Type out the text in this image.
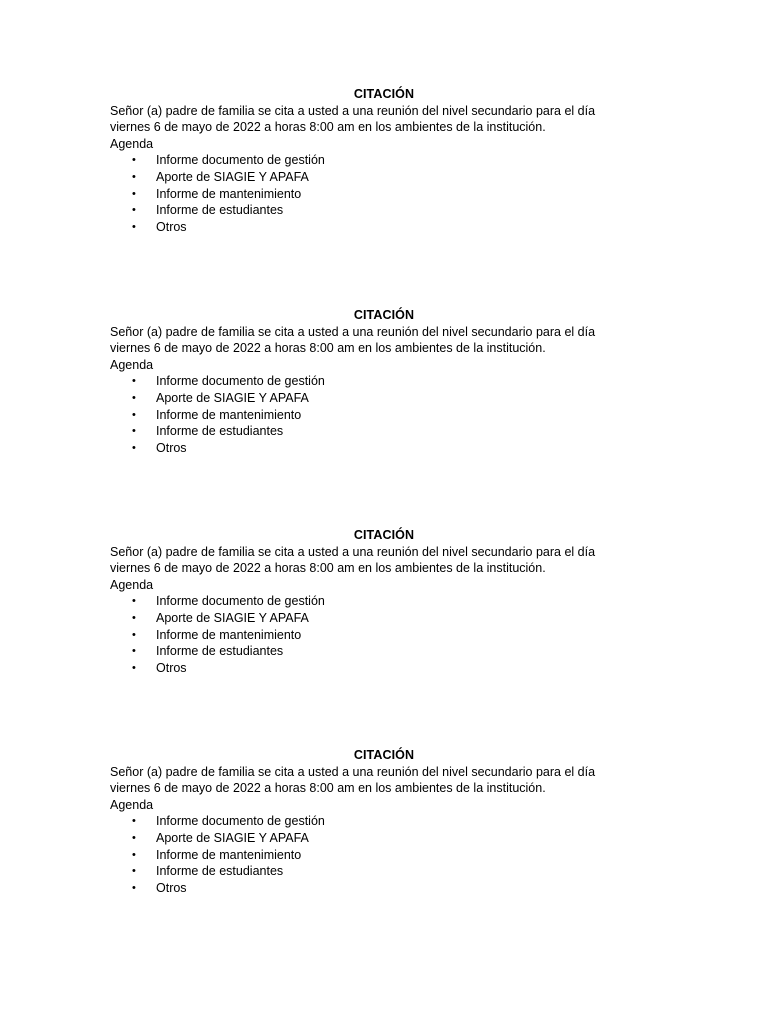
CITACIÓN

Señor (a) padre de familia se cita a usted a una reunión del nivel secundario para el día

viernes 6 de mayo de 2022 a horas 8:00 am en los ambientes de la institución.

Agenda

• Informe documento de gestión
• Aporte de SIAGIE Y APAFA
• Informe de mantenimiento
• Informe de estudiantes
• Otros
CITACIÓN

Señor (a) padre de familia se cita a usted a una reunión del nivel secundario para el día

viernes 6 de mayo de 2022 a horas 8:00 am en los ambientes de la institución.

Agenda

• Informe documento de gestión
• Aporte de SIAGIE Y APAFA
• Informe de mantenimiento
• Informe de estudiantes
• Otros
CITACIÓN

Señor (a) padre de familia se cita a usted a una reunión del nivel secundario para el día

viernes 6 de mayo de 2022 a horas 8:00 am en los ambientes de la institución.

Agenda

• Informe documento de gestión
• Aporte de SIAGIE Y APAFA
• Informe de mantenimiento
• Informe de estudiantes
• Otros
CITACIÓN

Señor (a) padre de familia se cita a usted a una reunión del nivel secundario para el día

viernes 6 de mayo de 2022 a horas 8:00 am en los ambientes de la institución.

Agenda

• Informe documento de gestión
• Aporte de SIAGIE Y APAFA
• Informe de mantenimiento
• Informe de estudiantes
• Otros
